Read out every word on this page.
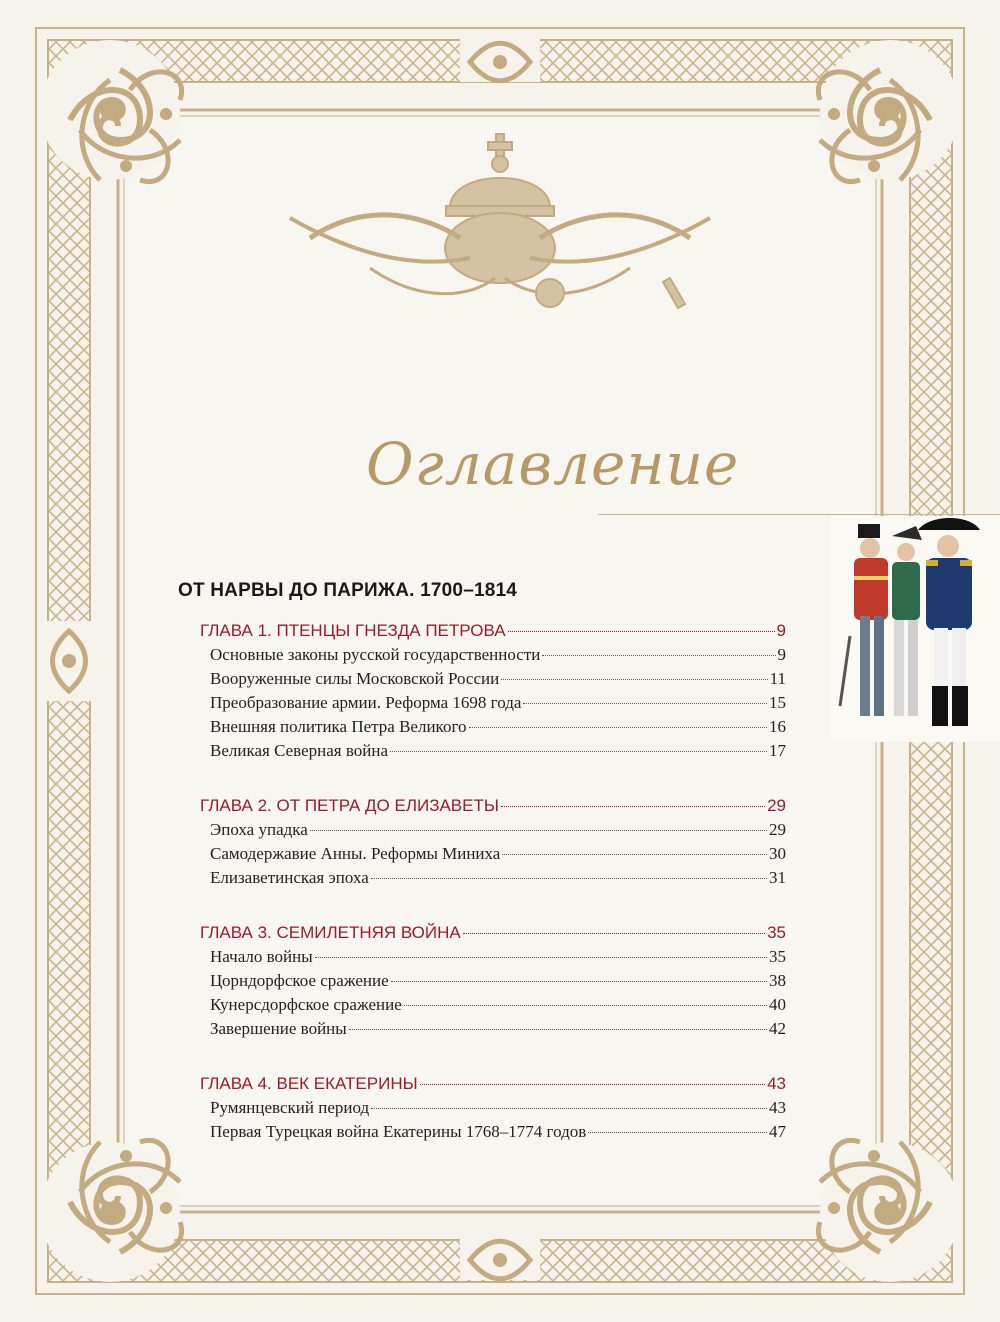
Оглавление
ОТ НАРВЫ ДО ПАРИЖА. 1700–1814
ГЛАВА 1. ПТЕНЦЫ ГНЕЗДА ПЕТРОВА	9
Основные законы русской государственности	9
Вооруженные силы Московской России	11
Преобразование армии. Реформа 1698 года	15
Внешняя политика Петра Великого	16
Великая Северная война	17
ГЛАВА 2. ОТ ПЕТРА ДО ЕЛИЗАВЕТЫ	29
Эпоха упадка	29
Самодержавие Анны. Реформы Миниха	30
Елизаветинская эпоха	31
ГЛАВА 3. СЕМИЛЕТНЯЯ ВОЙНА	35
Начало войны	35
Цорндорфское сражение	38
Кунерсдорфское сражение	40
Завершение войны	42
ГЛАВА 4. ВЕК ЕКАТЕРИНЫ	43
Румянцевский период	43
Первая Турецкая война Екатерины 1768–1774 годов	47
